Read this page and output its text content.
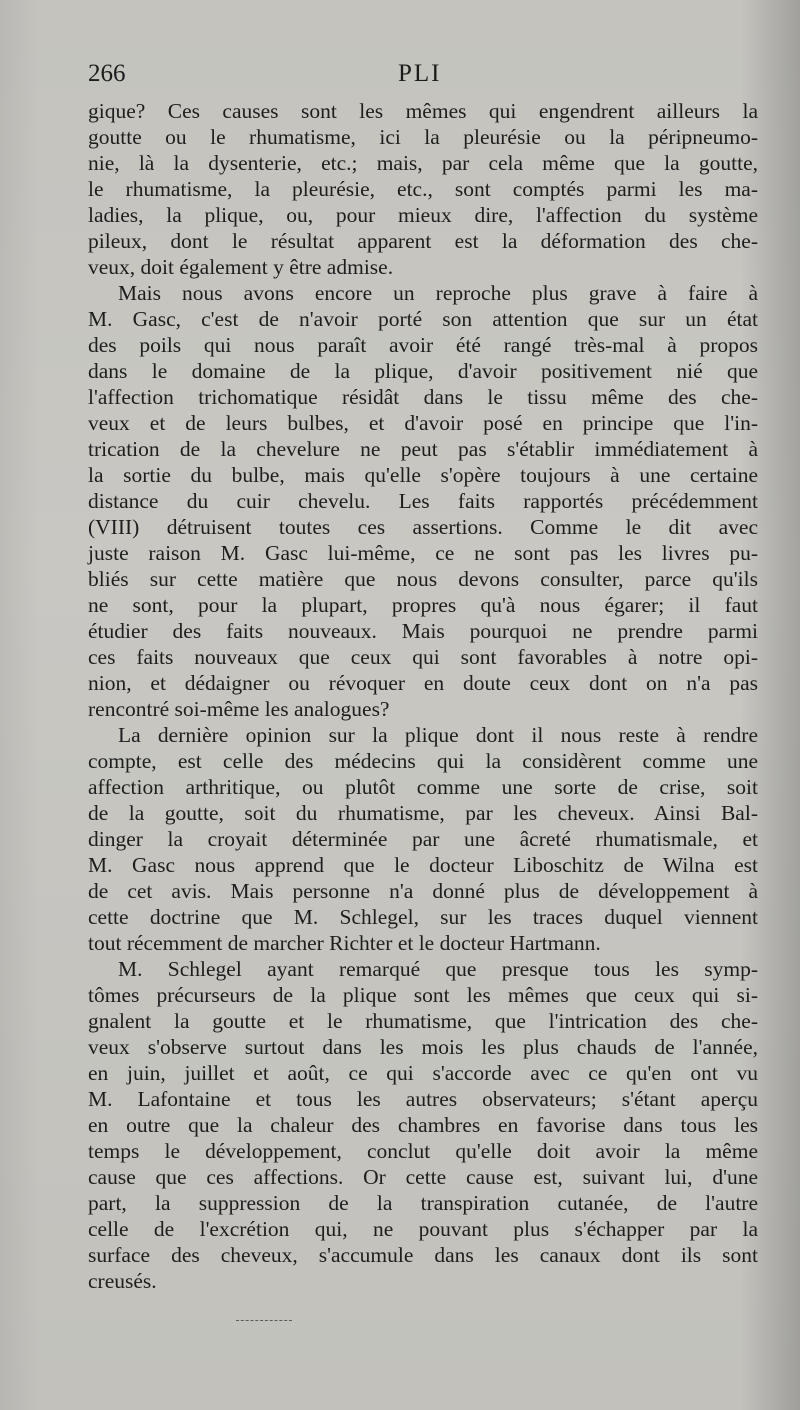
266	PLI
gique? Ces causes sont les mêmes qui engendrent ailleurs la
goutte ou le rhumatisme, ici la pleurésie ou la péripneumo-
nie, là la dysenterie, etc.; mais, par cela même que la goutte,
le rhumatisme, la pleurésie, etc., sont comptés parmi les ma-
ladies, la plique, ou, pour mieux dire, l'affection du système
pileux, dont le résultat apparent est la déformation des che-
veux, doit également y être admise.
Mais nous avons encore un reproche plus grave à faire à
M. Gasc, c'est de n'avoir porté son attention que sur un état
des poils qui nous paraît avoir été rangé très-mal à propos
dans le domaine de la plique, d'avoir positivement nié que
l'affection trichomatique résidât dans le tissu même des che-
veux et de leurs bulbes, et d'avoir posé en principe que l'in-
trication de la chevelure ne peut pas s'établir immédiatement à
la sortie du bulbe, mais qu'elle s'opère toujours à une certaine
distance du cuir chevelu. Les faits rapportés précédemment
(VIII) détruisent toutes ces assertions. Comme le dit avec
juste raison M. Gasc lui-même, ce ne sont pas les livres pu-
bliés sur cette matière que nous devons consulter, parce qu'ils
ne sont, pour la plupart, propres qu'à nous égarer; il faut
étudier des faits nouveaux. Mais pourquoi ne prendre parmi
ces faits nouveaux que ceux qui sont favorables à notre opi-
nion, et dédaigner ou révoquer en doute ceux dont on n'a pas
rencontré soi-même les analogues?
La dernière opinion sur la plique dont il nous reste à rendre
compte, est celle des médecins qui la considèrent comme une
affection arthritique, ou plutôt comme une sorte de crise, soit
de la goutte, soit du rhumatisme, par les cheveux. Ainsi Bal-
dinger la croyait déterminée par une âcreté rhumatismale, et
M. Gasc nous apprend que le docteur Liboschitz de Wilna est
de cet avis. Mais personne n'a donné plus de développement à
cette doctrine que M. Schlegel, sur les traces duquel viennent
tout récemment de marcher Richter et le docteur Hartmann.
M. Schlegel ayant remarqué que presque tous les symp-
tômes précurseurs de la plique sont les mêmes que ceux qui si-
gnalent la goutte et le rhumatisme, que l'intrication des che-
veux s'observe surtout dans les mois les plus chauds de l'année,
en juin, juillet et août, ce qui s'accorde avec ce qu'en ont vu
M. Lafontaine et tous les autres observateurs; s'étant aperçu
en outre que la chaleur des chambres en favorise dans tous les
temps le développement, conclut qu'elle doit avoir la même
cause que ces affections. Or cette cause est, suivant lui, d'une
part, la suppression de la transpiration cutanée, de l'autre
celle de l'excrétion qui, ne pouvant plus s'échapper par la
surface des cheveux, s'accumule dans les canaux dont ils sont
creusés.
